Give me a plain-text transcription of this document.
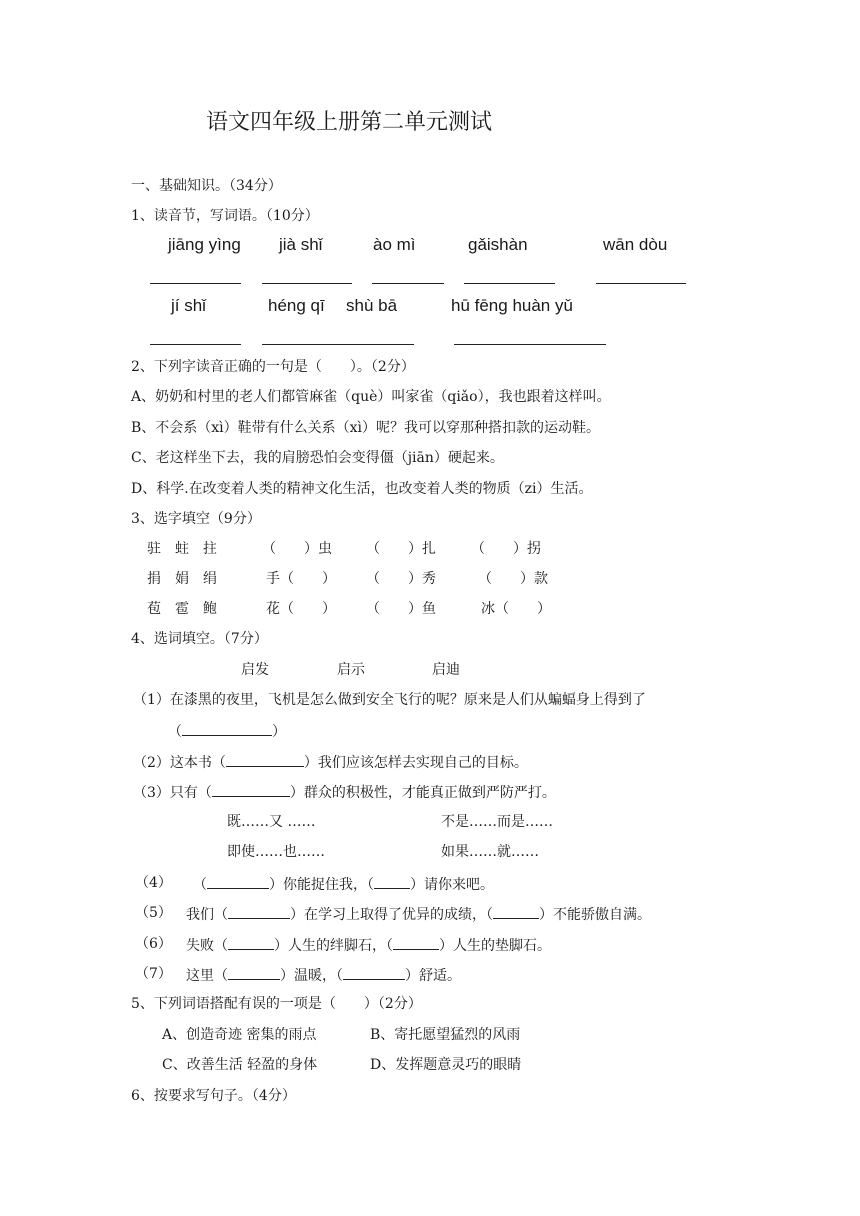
语文四年级上册第二单元测试
一、基础知识。（34分）
1、读音节，写词语。（10分）
jiāng yìng jià shǐ	ào mì	gǎishàn	wān dòu
jí shǐ	héng qī shù bā	hū fēng huàn yǔ
2、下列字读音正确的一句是（　　）。（2分）
A、奶奶和村里的老人们都管麻雀（què）叫家雀（qiǎo），我也跟着这样叫。
B、不会系（xì）鞋带有什么关系（xì）呢？我可以穿那种搭扣款的运动鞋。
C、老这样坐下去，我的肩膀恐怕会变得僵（jiān）硬起来。
D、科学.在改变着人类的精神文化生活，也改变着人类的物质（zi）生活。
3、选字填空（9分）
驻　蛀　拄	（　　）虫 （　　）扎	（　　）拐
捐　娟　绢	手（　　） （　　）秀	（　　）款
苞　雹　鲍	花（　　） （　　）鱼	冰（　　）
4、选词填空。（7分）
启发	启示	启迪
（1）在漆黑的夜里，飞机是怎么做到安全飞行的呢？原来是人们从蝙蝠身上得到了
（	）
（2）这本书（	）我们应该怎样去实现自己的目标。
（3）只有（	）群众的积极性，才能真正做到严防严打。
既……又 ……	不是……而是……
即使……也……	如果……就……
（4） （	）你能捉住我，（	）请你来吧。
（5） 我们（	）在学习上取得了优异的成绩，（	）不能骄傲自满。
（6） 失败（	）人生的绊脚石，（	）人生的垫脚石。
（7） 这里（	）温暖，（	）舒适。
5、下列词语搭配有误的一项是（　　）（2分）
A、创造奇迹 密集的雨点	B、寄托愿望猛烈的风雨
C、改善生活 轻盈的身体	D、发挥题意灵巧的眼睛
6、按要求写句子。（4分）
